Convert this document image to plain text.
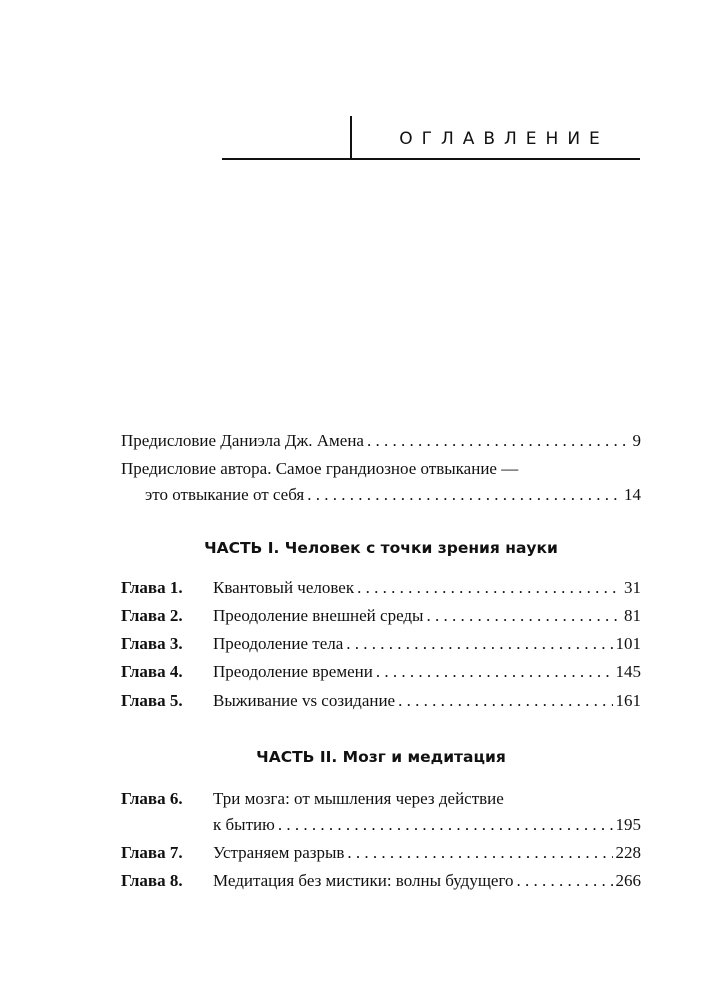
ОГЛАВЛЕНИЕ
Предисловие Даниэла Дж. Амена . . .	9
Предисловие автора. Самое грандиозное отвыкание —
это отвыкание от себя . . .	14
ЧАСТЬ I. Человек с точки зрения науки
Глава 1.	Квантовый человек . . .	31
Глава 2.	Преодоление внешней среды . . .	81
Глава 3.	Преодоление тела . . .	101
Глава 4.	Преодоление времени . . .	145
Глава 5.	Выживание vs созидание . . .	161
ЧАСТЬ II. Мозг и медитация
Глава 6. Три мозга: от мышления через действие
к бытию . . .	195
Глава 7.	Устраняем разрыв . . .	228
Глава 8.	Медитация без мистики: волны будущего . . .	266
